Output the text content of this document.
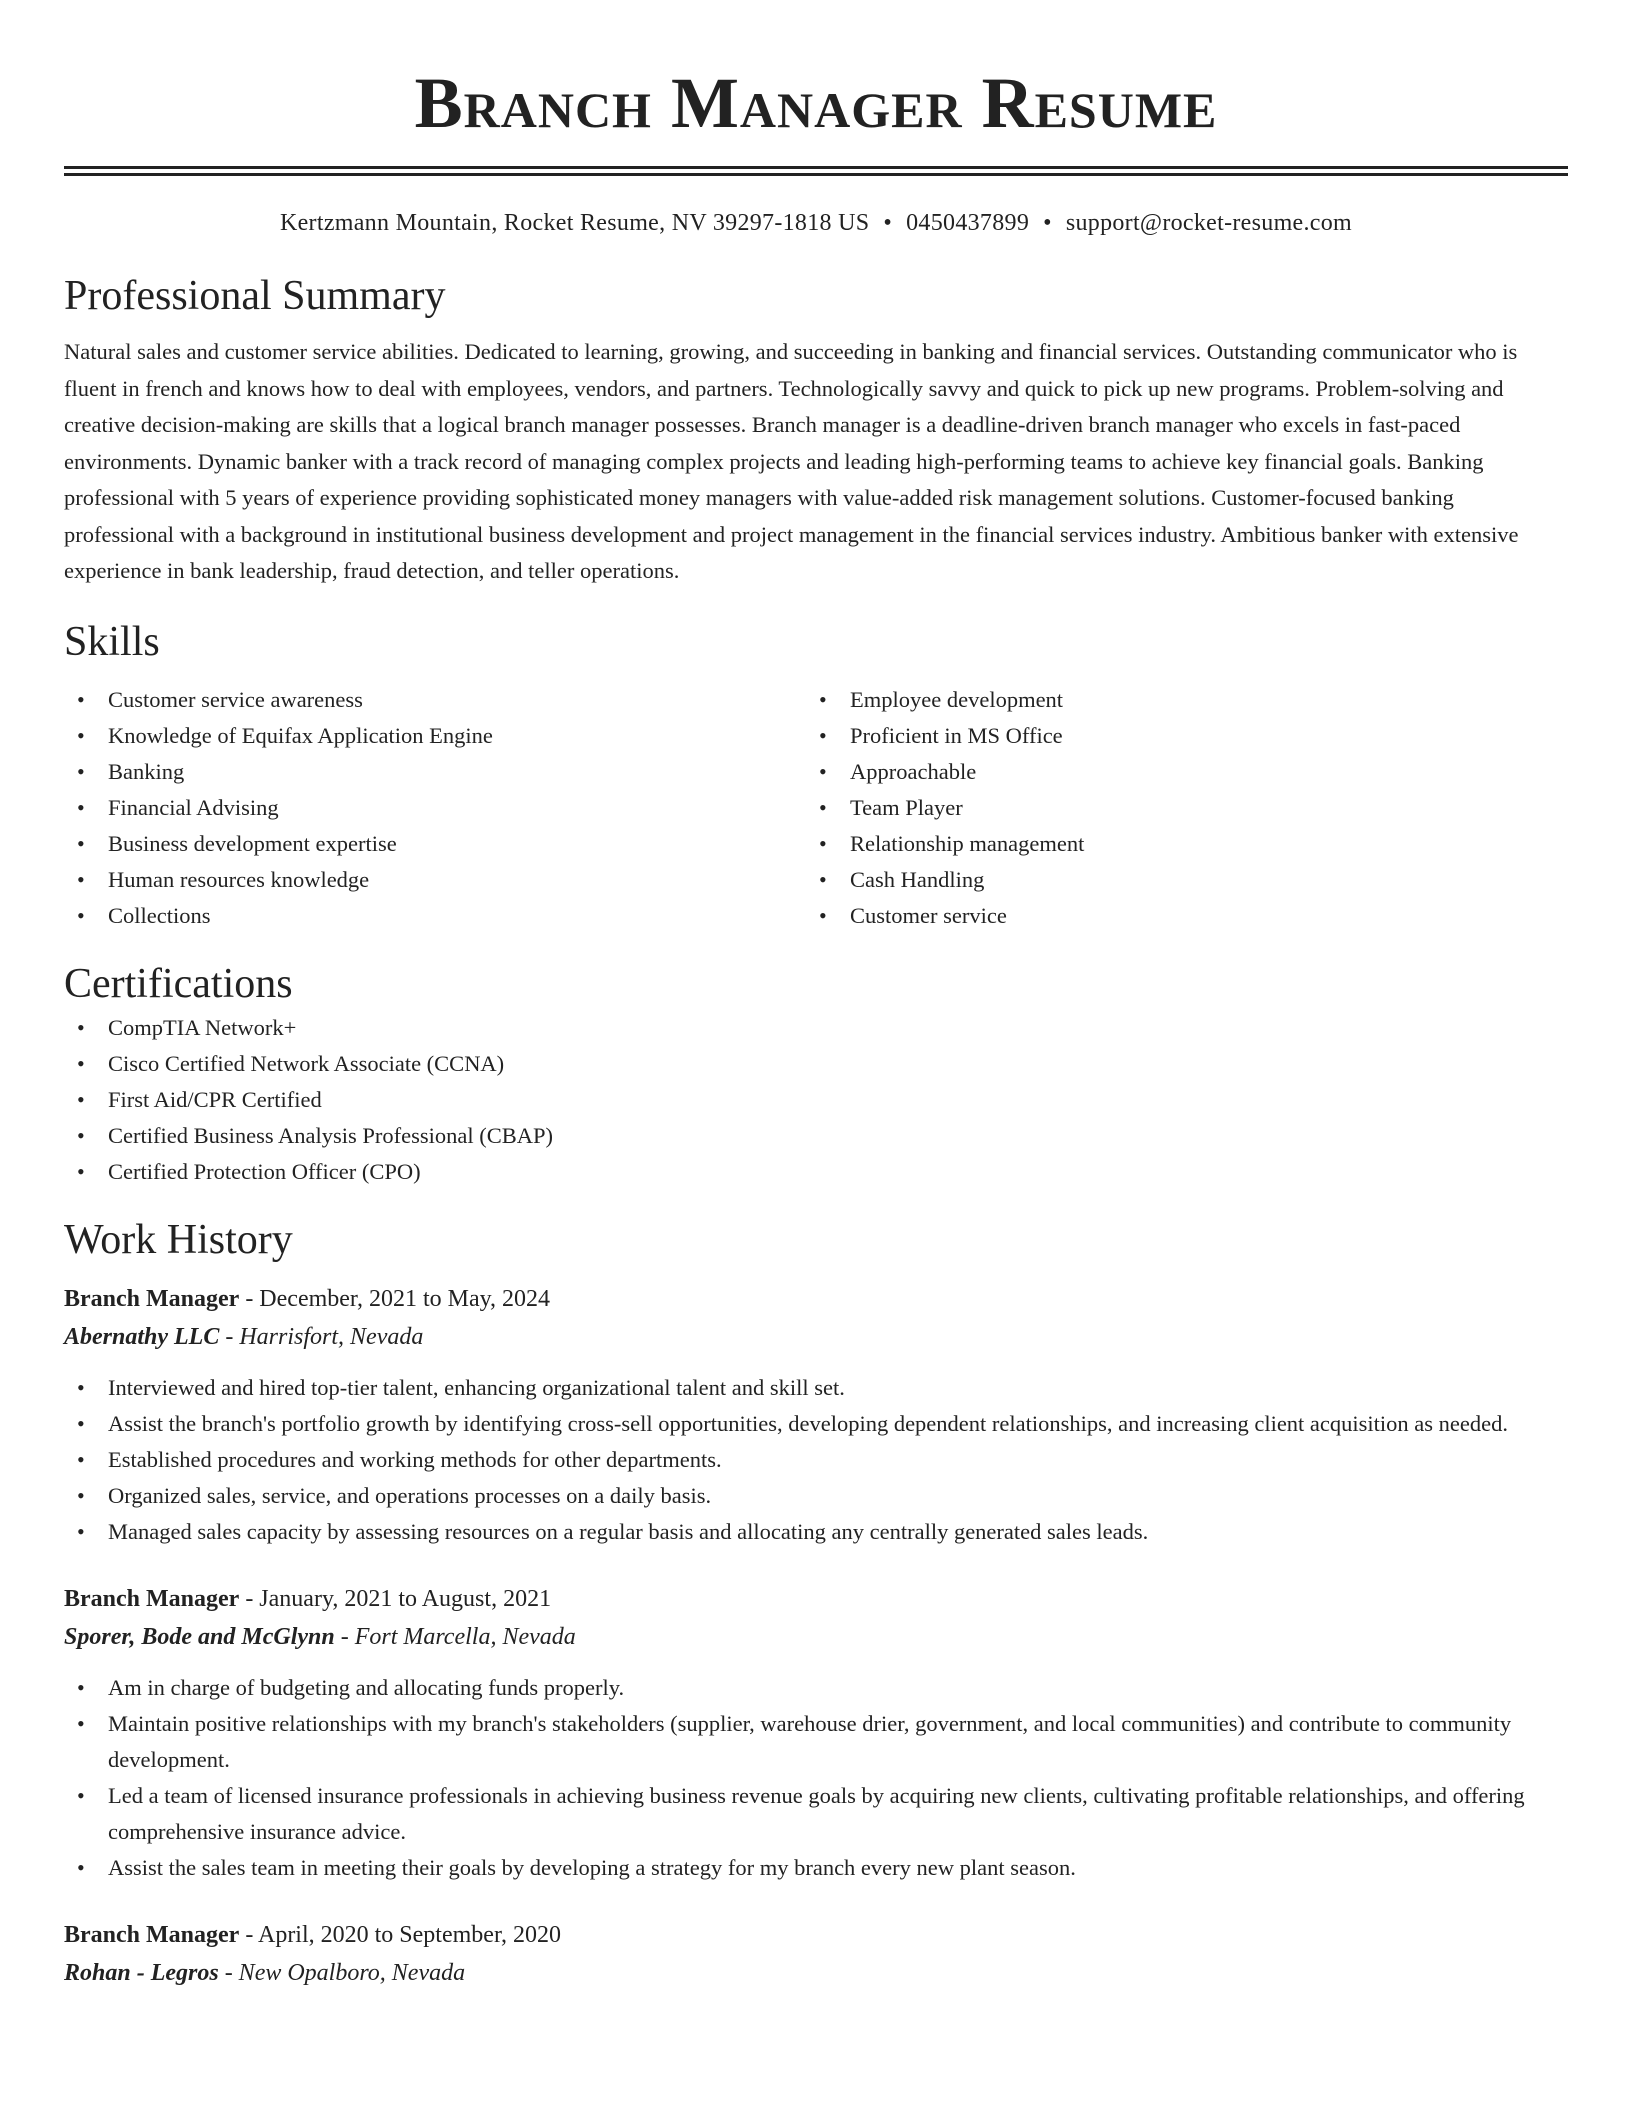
Branch Manager Resume
Kertzmann Mountain, Rocket Resume, NV 39297-1818 US • 0450437899 • support@rocket-resume.com
Professional Summary

Natural sales and customer service abilities. Dedicated to learning, growing, and succeeding in banking and financial services. Outstanding communicator who is fluent in french and knows how to deal with employees, vendors, and partners. Technologically savvy and quick to pick up new programs. Problem-solving and creative decision-making are skills that a logical branch manager possesses. Branch manager is a deadline-driven branch manager who excels in fast-paced environments. Dynamic banker with a track record of managing complex projects and leading high-performing teams to achieve key financial goals. Banking professional with 5 years of experience providing sophisticated money managers with value-added risk management solutions. Customer-focused banking professional with a background in institutional business development and project management in the financial services industry. Ambitious banker with extensive experience in bank leadership, fraud detection, and teller operations.

Skills
• Customer service awareness
• Knowledge of Equifax Application Engine
• Banking
• Financial Advising
• Business development expertise
• Human resources knowledge
• Collections
• Employee development
• Proficient in MS Office
• Approachable
• Team Player
• Relationship management
• Cash Handling
• Customer service
Certifications
• CompTIA Network+
• Cisco Certified Network Associate (CCNA)
• First Aid/CPR Certified
• Certified Business Analysis Professional (CBAP)
• Certified Protection Officer (CPO)
Work History
Branch Manager - December, 2021 to May, 2024
Abernathy LLC - Harrisfort, Nevada
• Interviewed and hired top-tier talent, enhancing organizational talent and skill set.
• Assist the branch's portfolio growth by identifying cross-sell opportunities, developing dependent relationships, and increasing client acquisition as needed.
• Established procedures and working methods for other departments.
• Organized sales, service, and operations processes on a daily basis.
• Managed sales capacity by assessing resources on a regular basis and allocating any centrally generated sales leads.
Branch Manager - January, 2021 to August, 2021
Sporer, Bode and McGlynn - Fort Marcella, Nevada
• Am in charge of budgeting and allocating funds properly.
• Maintain positive relationships with my branch's stakeholders (supplier, warehouse drier, government, and local communities) and contribute to community development.
• Led a team of licensed insurance professionals in achieving business revenue goals by acquiring new clients, cultivating profitable relationships, and offering comprehensive insurance advice.
• Assist the sales team in meeting their goals by developing a strategy for my branch every new plant season.
Branch Manager - April, 2020 to September, 2020
Rohan - Legros - New Opalboro, Nevada
